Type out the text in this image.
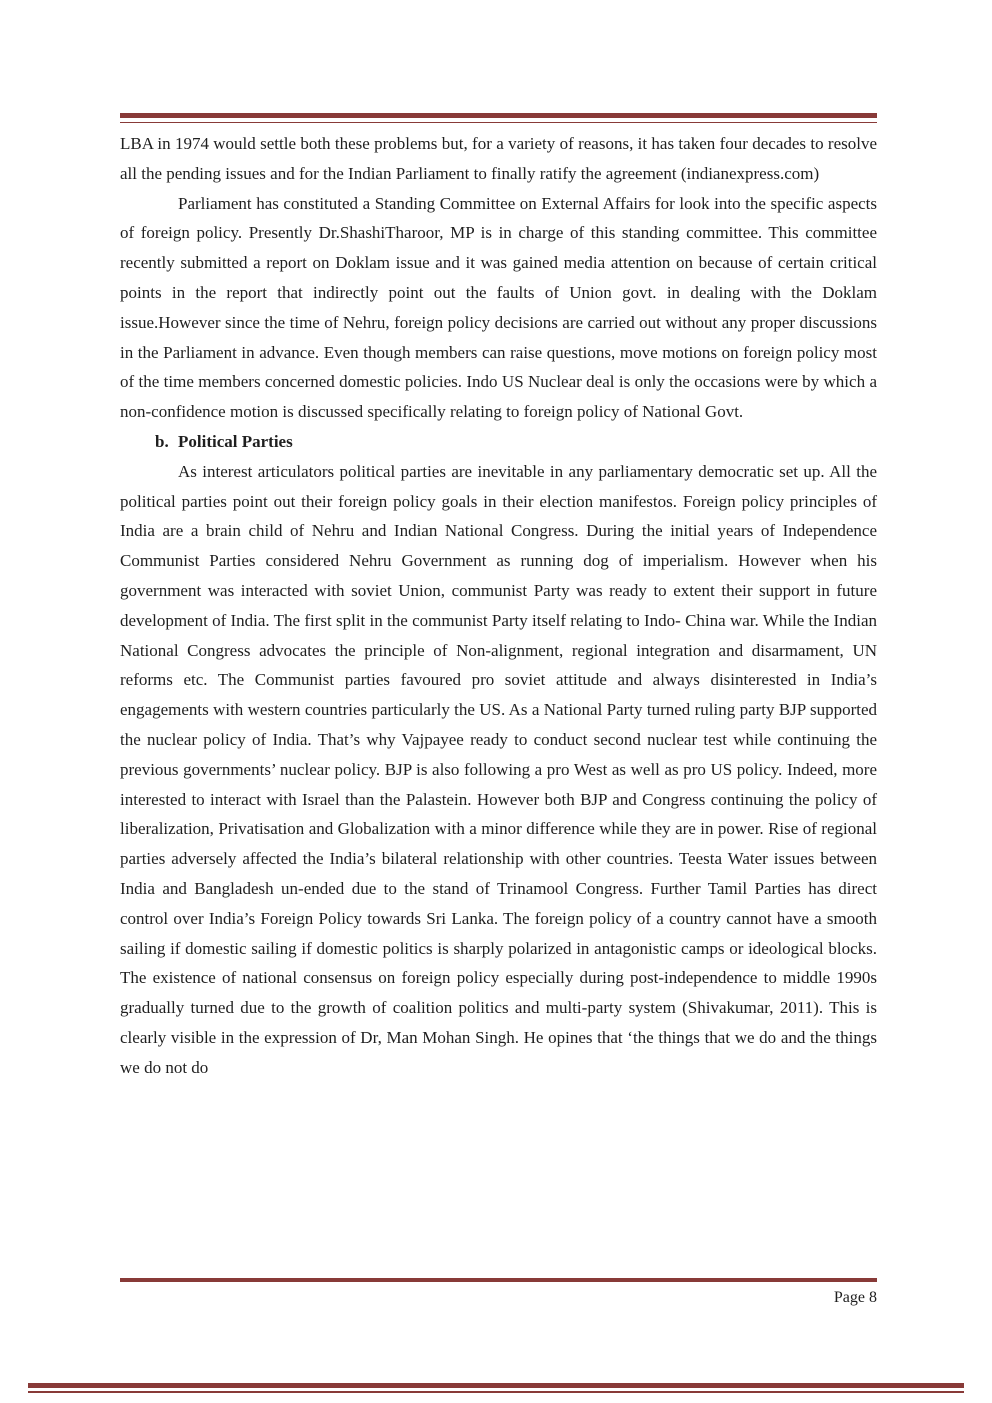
LBA in 1974 would settle both these problems but, for a variety of reasons, it has taken four decades to resolve all the pending issues and for the Indian Parliament to finally ratify the agreement (indianexpress.com)

Parliament has constituted a Standing Committee on External Affairs for look into the specific aspects of foreign policy. Presently Dr.ShashiTharoor, MP is in charge of this standing committee. This committee recently submitted a report on Doklam issue and it was gained media attention on because of certain critical points in the report that indirectly point out the faults of Union govt. in dealing with the Doklam issue.However since the time of Nehru, foreign policy decisions are carried out without any proper discussions in the Parliament in advance. Even though members can raise questions, move motions on foreign policy most of the time members concerned domestic policies. Indo US Nuclear deal is only the occasions were by which a non-confidence motion is discussed specifically relating to foreign policy of National Govt.

b. Political Parties

As interest articulators political parties are inevitable in any parliamentary democratic set up. All the political parties point out their foreign policy goals in their election manifestos. Foreign policy principles of India are a brain child of Nehru and Indian National Congress. During the initial years of Independence Communist Parties considered Nehru Government as running dog of imperialism. However when his government was interacted with soviet Union, communist Party was ready to extent their support in future development of India. The first split in the communist Party itself relating to Indo- China war. While the Indian National Congress advocates the principle of Non-alignment, regional integration and disarmament, UN reforms etc. The Communist parties favoured pro soviet attitude and always disinterested in India’s engagements with western countries particularly the US. As a National Party turned ruling party BJP supported the nuclear policy of India. That’s why Vajpayee ready to conduct second nuclear test while continuing the previous governments’ nuclear policy. BJP is also following a pro West as well as pro US policy. Indeed, more interested to interact with Israel than the Palastein. However both BJP and Congress continuing the policy of liberalization, Privatisation and Globalization with a minor difference while they are in power. Rise of regional parties adversely affected the India’s bilateral relationship with other countries. Teesta Water issues between India and Bangladesh un-ended due to the stand of Trinamool Congress. Further Tamil Parties has direct control over India’s Foreign Policy towards Sri Lanka. The foreign policy of a country cannot have a smooth sailing if domestic sailing if domestic politics is sharply polarized in antagonistic camps or ideological blocks. The existence of national consensus on foreign policy especially during post-independence to middle 1990s gradually turned due to the growth of coalition politics and multi-party system (Shivakumar, 2011). This is clearly visible in the expression of Dr, Man Mohan Singh. He opines that ‘the things that we do and the things we do not do

Page 8
